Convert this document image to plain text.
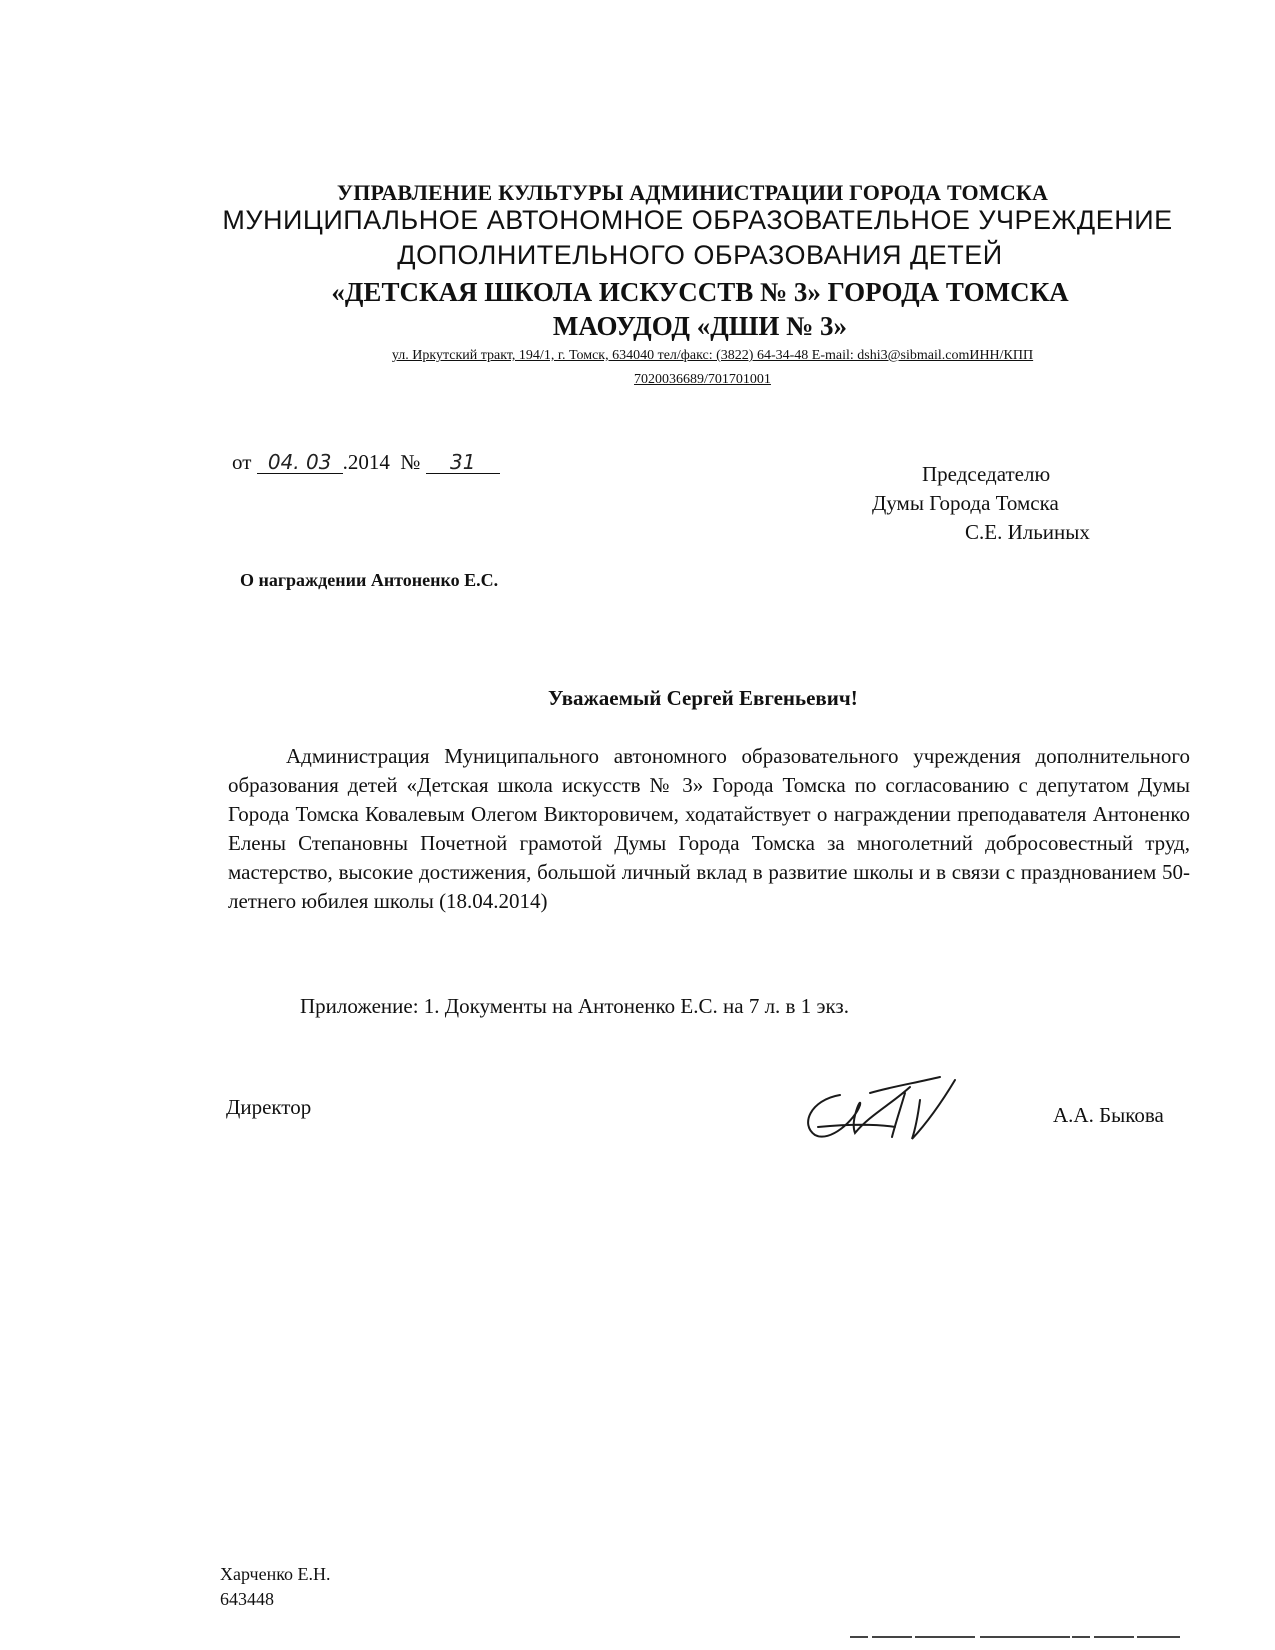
УПРАВЛЕНИЕ КУЛЬТУРЫ АДМИНИСТРАЦИИ ГОРОДА ТОМСКА
МУНИЦИПАЛЬНОЕ АВТОНОМНОЕ ОБРАЗОВАТЕЛЬНОЕ УЧРЕЖДЕНИЕ
ДОПОЛНИТЕЛЬНОГО ОБРАЗОВАНИЯ ДЕТЕЙ
«ДЕТСКАЯ ШКОЛА ИСКУССТВ № 3» ГОРОДА ТОМСКА
МАОУДОД «ДШИ № 3»
ул. Иркутский тракт, 194/1, г. Томск, 634040 тел/факс: (3822) 64-34-48 E-mail: dshi3@sibmail.comИНН/КПП
7020036689/701701001
от 04. 03 .2014 № 31	Председателю
Думы Города Томска
С.Е. Ильиных
О награждении Антоненко Е.С.
Уважаемый Сергей Евгеньевич!
Администрация Муниципального автономного образовательного учреждения дополнительного образования детей «Детская школа искусств № 3» Города Томска по согласованию с депутатом Думы Города Томска Ковалевым Олегом Викторовичем, ходатайствует о награждении преподавателя Антоненко Елены Степановны Почетной грамотой Думы Города Томска за многолетний добросовестный труд, мастерство, высокие достижения, большой личный вклад в развитие школы и в связи с празднованием 50-летнего юбилея школы (18.04.2014)
Приложение: 1. Документы на Антоненко Е.С. на 7 л. в 1 экз.
Директор	А.А. Быкова
Харченко Е.Н.
643448
